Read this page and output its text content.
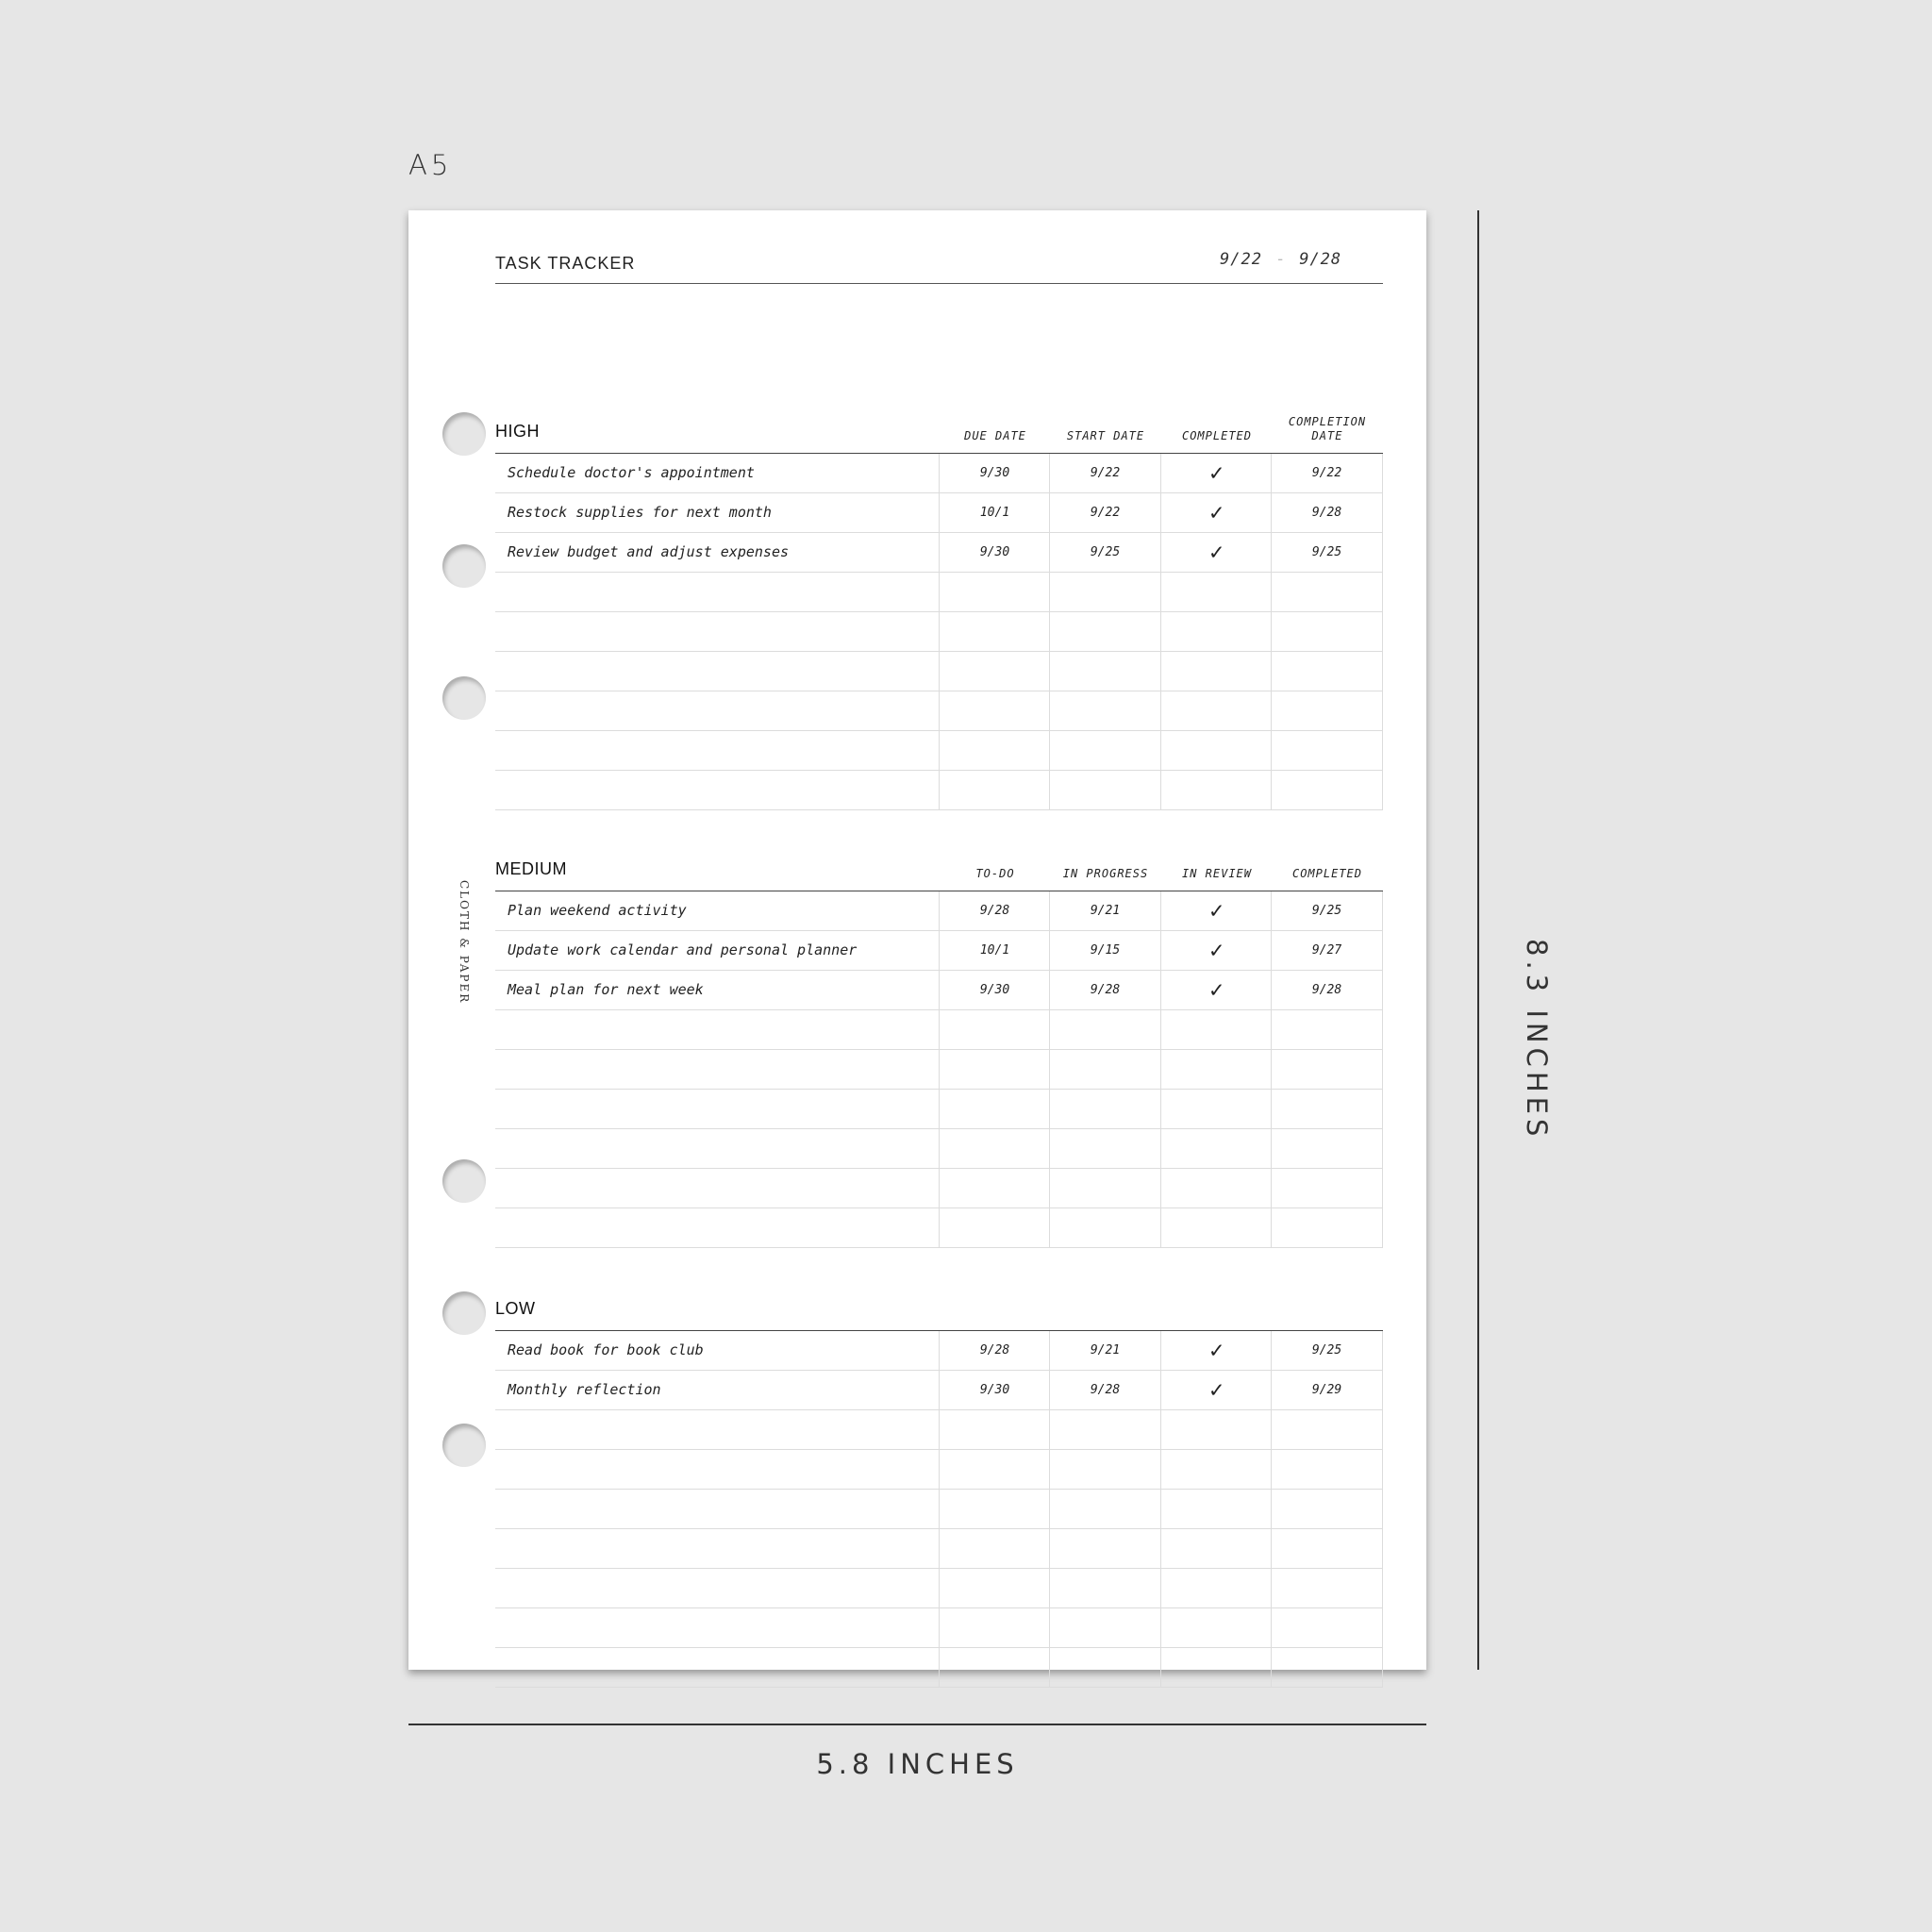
A5
CLOTH & PAPER
TASK TRACKER	9/22 - 9/28
HIGH	DUE DATE	START DATE	COMPLETED
COMPLETION DATE
Schedule doctor's appointment	9/30	9/22	✓	9/22
Restock supplies for next month	10/1	9/22	✓	9/28
Review budget and adjust expenses	9/30	9/25	✓	9/25
MEDIUM	TO-DO	IN PROGRESS	IN REVIEW	COMPLETED
Plan weekend activity	9/28	9/21	✓	9/25
Update work calendar and personal planner	10/1	9/15	✓	9/27
Meal plan for next week	9/30	9/28	✓	9/28
LOW
Read book for book club	9/28	9/21	✓	9/25
Monthly reflection	9/30	9/28	✓	9/29
8.3 INCHES
5.8 INCHES
